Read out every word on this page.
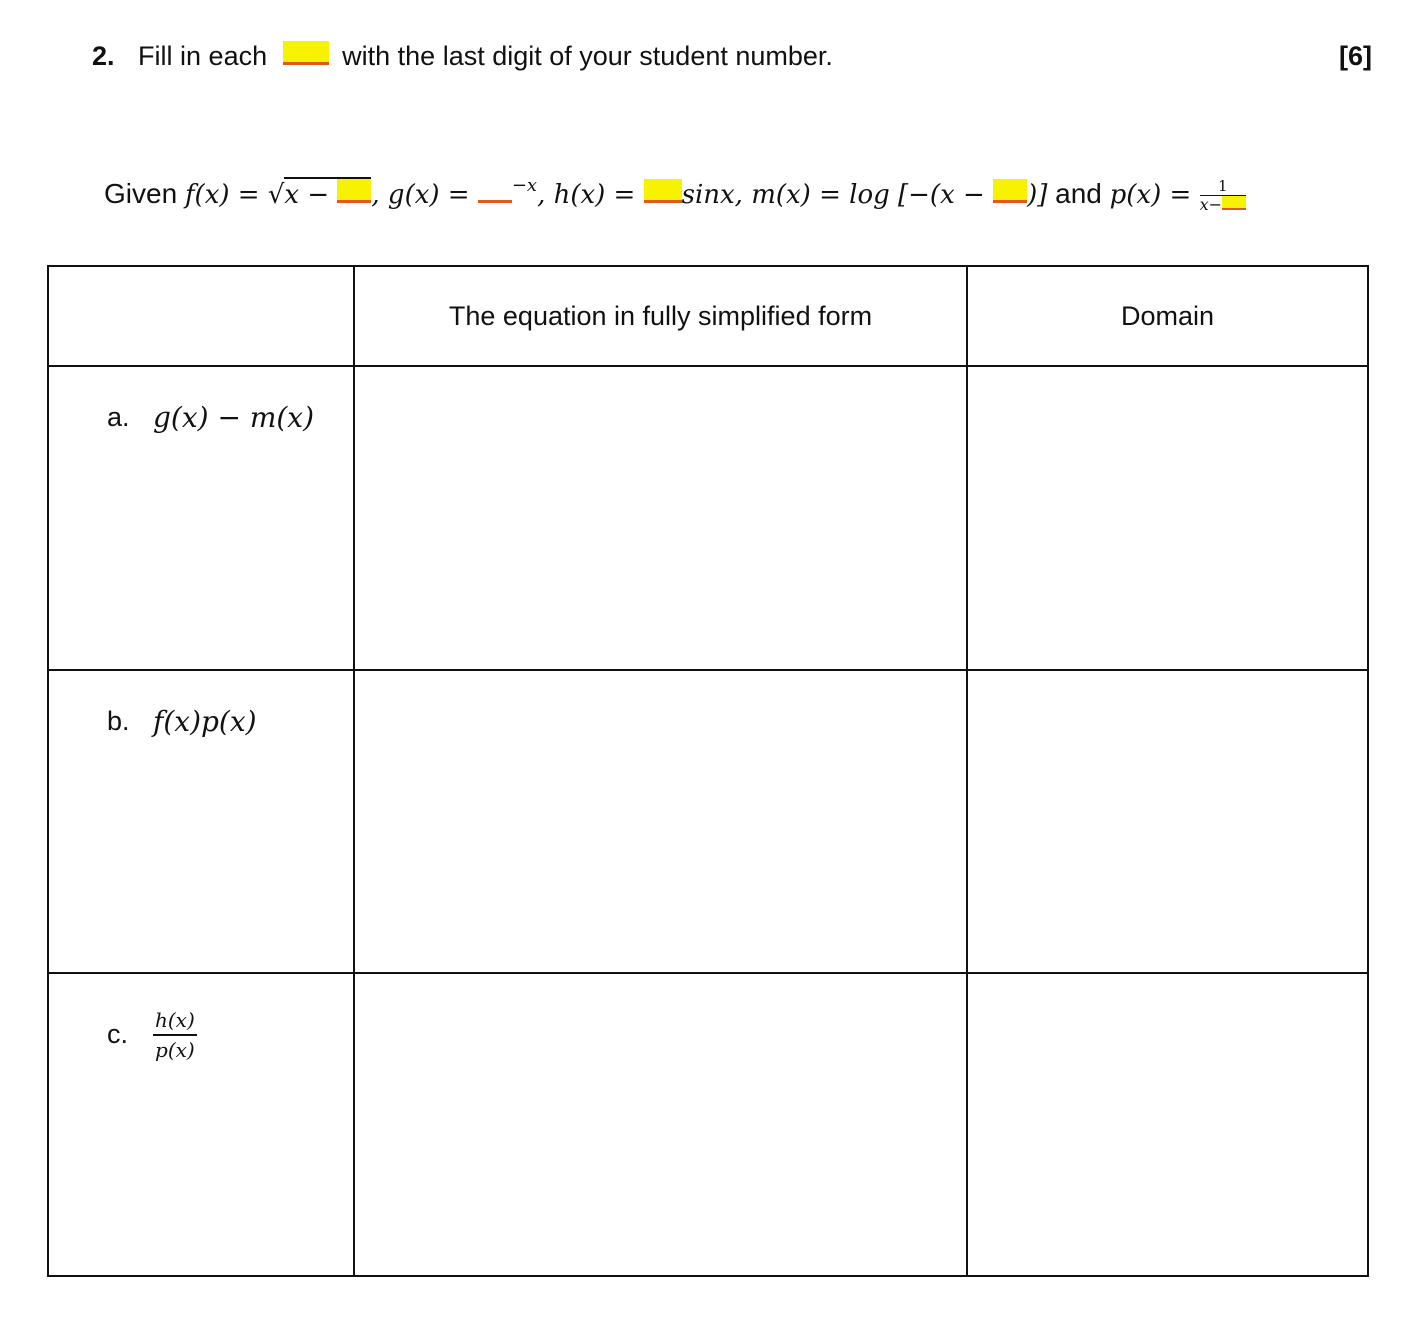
2. Fill in each	with the last digit of your student number.	[6]
Given f(x) = √x − , g(x) = $^{-x}$, h(x) = sinx, m(x) = log [−(x − )] and $p(x) = \frac{1}{x-}$
	The equation in fully simplified form	Domain

a. g(x) − m(x)		

b. f(x)p(x)		

c. $\frac{h(x)}{p(x)}$
